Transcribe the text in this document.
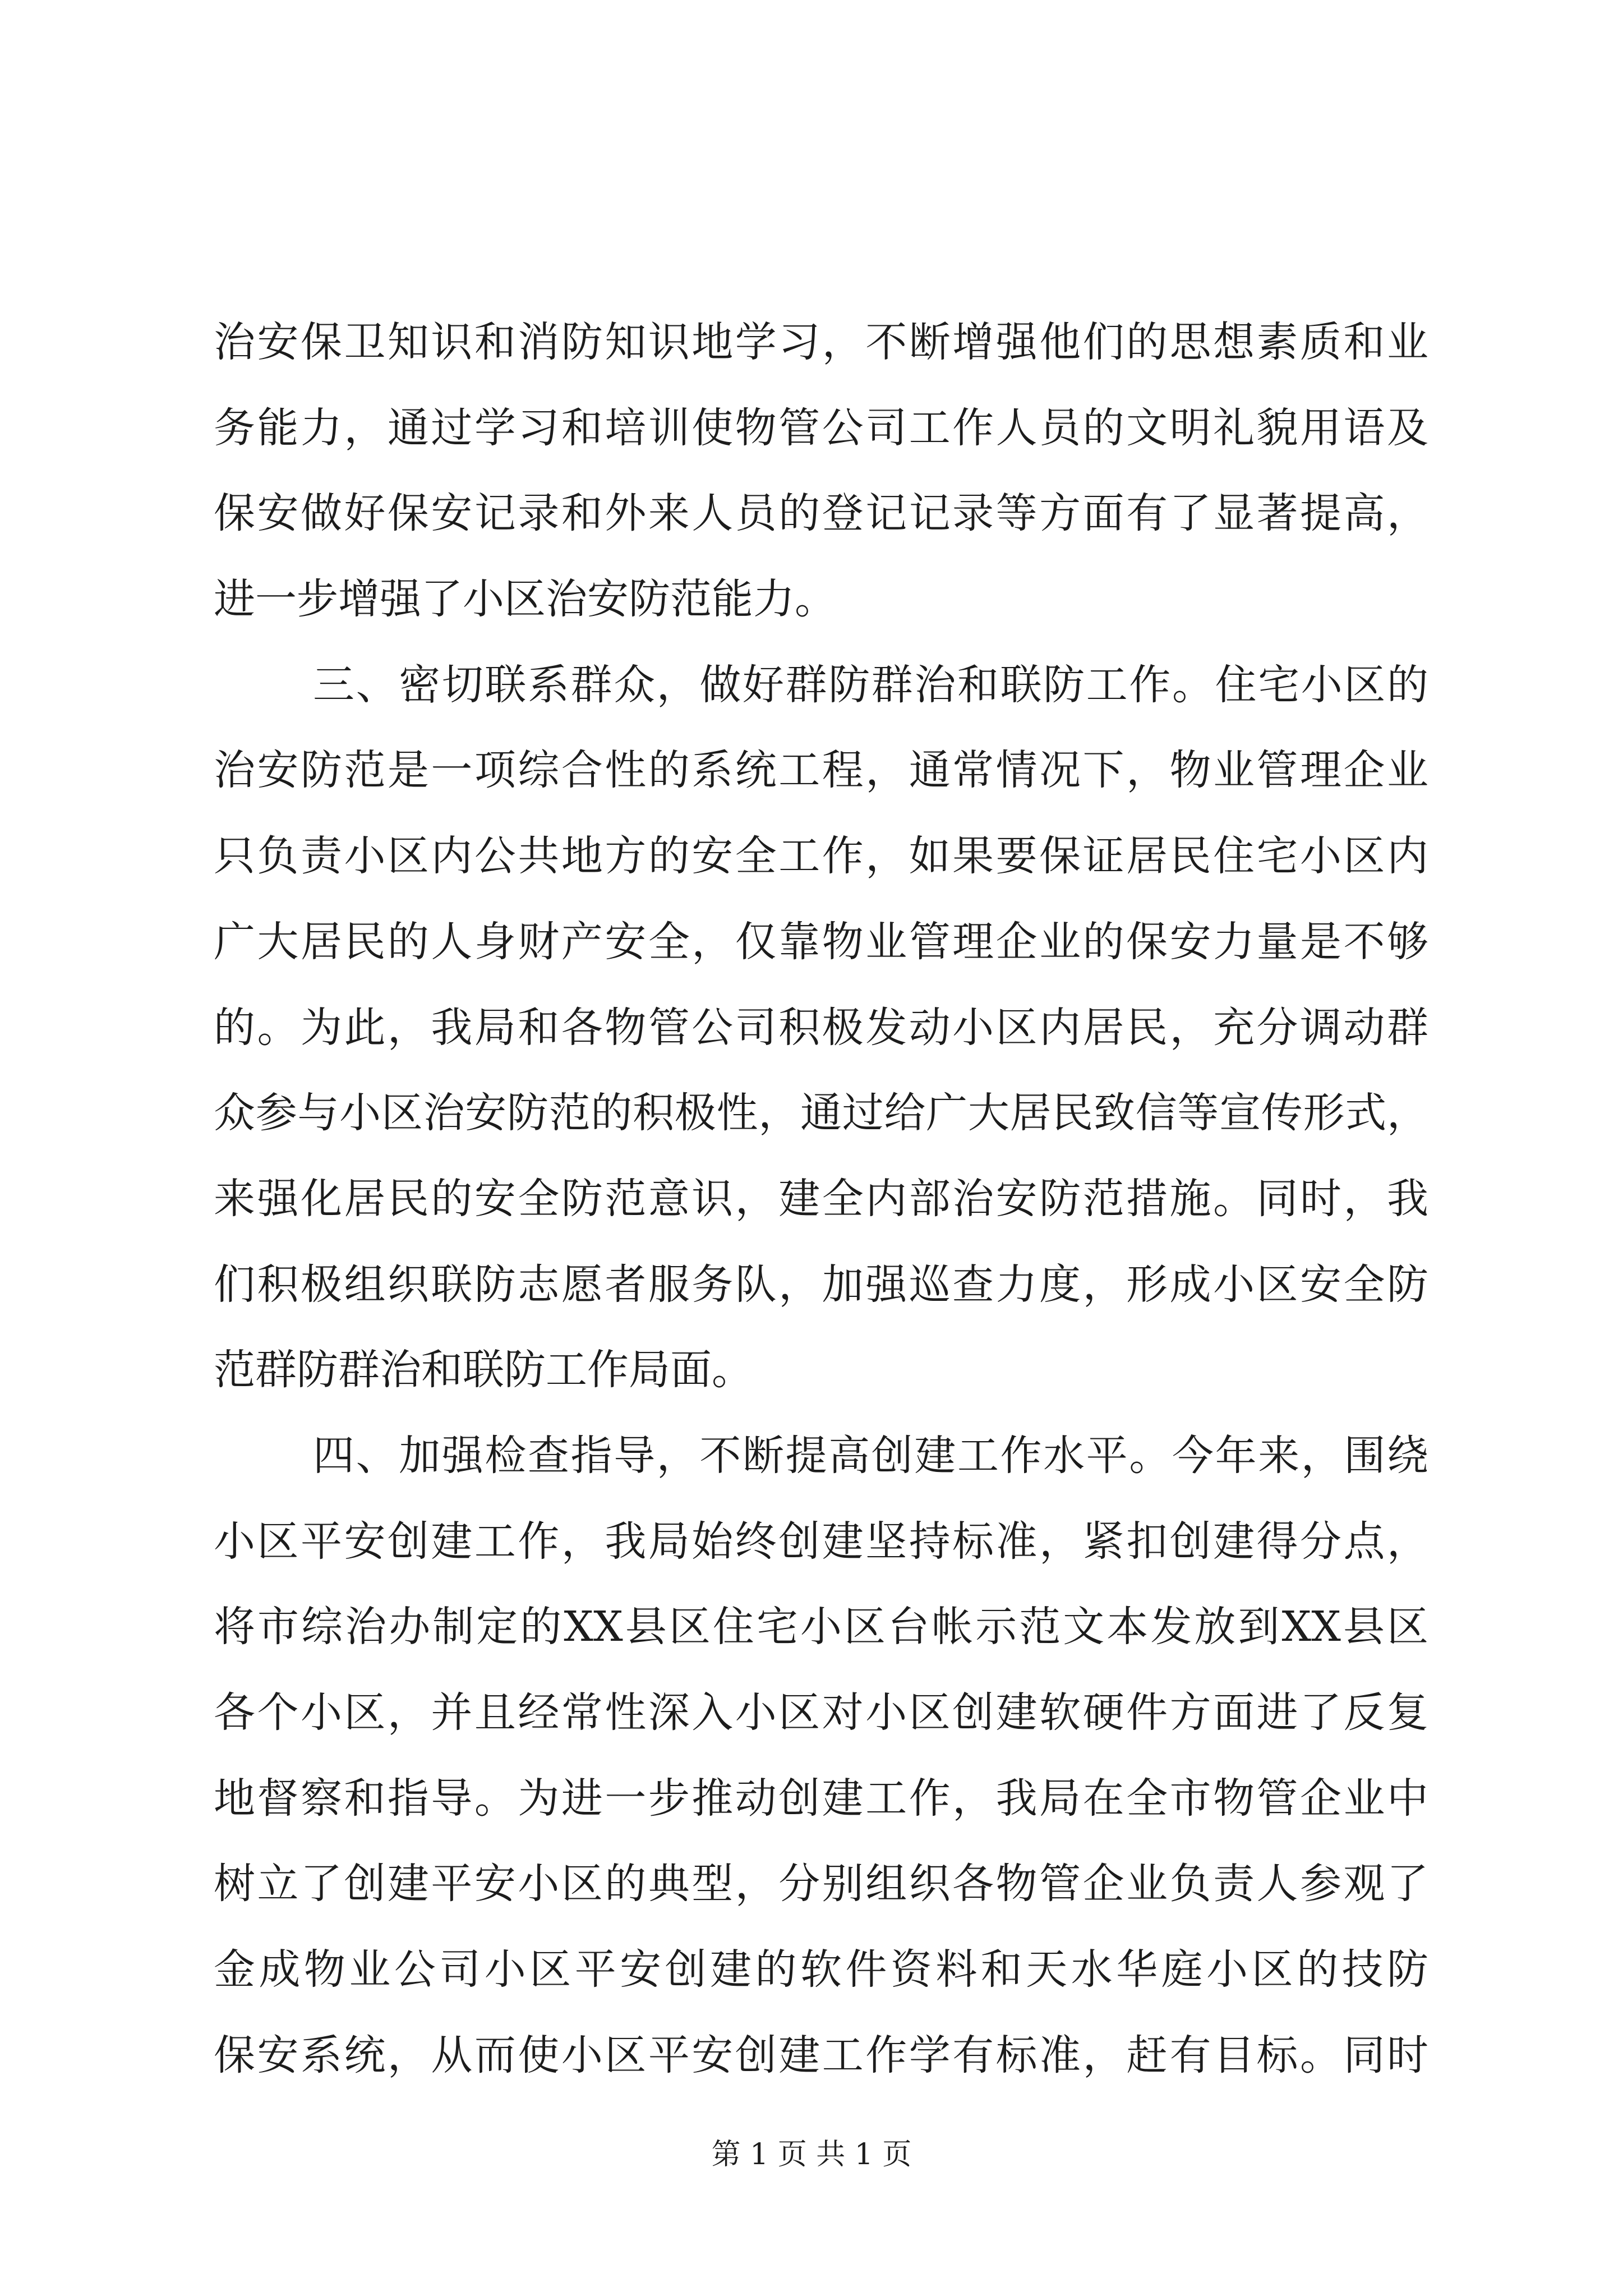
治安保卫知识和消防知识地学习，不断增强他们的思想素质和业
务能力，通过学习和培训使物管公司工作人员的文明礼貌用语及
保安做好保安记录和外来人员的登记记录等方面有了显著提高，
进一步增强了小区治安防范能力。
三、密切联系群众，做好群防群治和联防工作。住宅小区的
治安防范是一项综合性的系统工程，通常情况下，物业管理企业
只负责小区内公共地方的安全工作，如果要保证居民住宅小区内
广大居民的人身财产安全，仅靠物业管理企业的保安力量是不够
的。为此，我局和各物管公司积极发动小区内居民，充分调动群
众参与小区治安防范的积极性，通过给广大居民致信等宣传形式，
来强化居民的安全防范意识，建全内部治安防范措施。同时，我
们积极组织联防志愿者服务队，加强巡查力度，形成小区安全防
范群防群治和联防工作局面。
四、加强检查指导，不断提高创建工作水平。今年来，围绕
小区平安创建工作，我局始终创建坚持标准，紧扣创建得分点，
将市综治办制定的XX县区住宅小区台帐示范文本发放到XX县区
各个小区，并且经常性深入小区对小区创建软硬件方面进了反复
地督察和指导。为进一步推动创建工作，我局在全市物管企业中
树立了创建平安小区的典型，分别组织各物管企业负责人参观了
金成物业公司小区平安创建的软件资料和天水华庭小区的技防
保安系统，从而使小区平安创建工作学有标准，赶有目标。同时
第 1 页 共 1 页
